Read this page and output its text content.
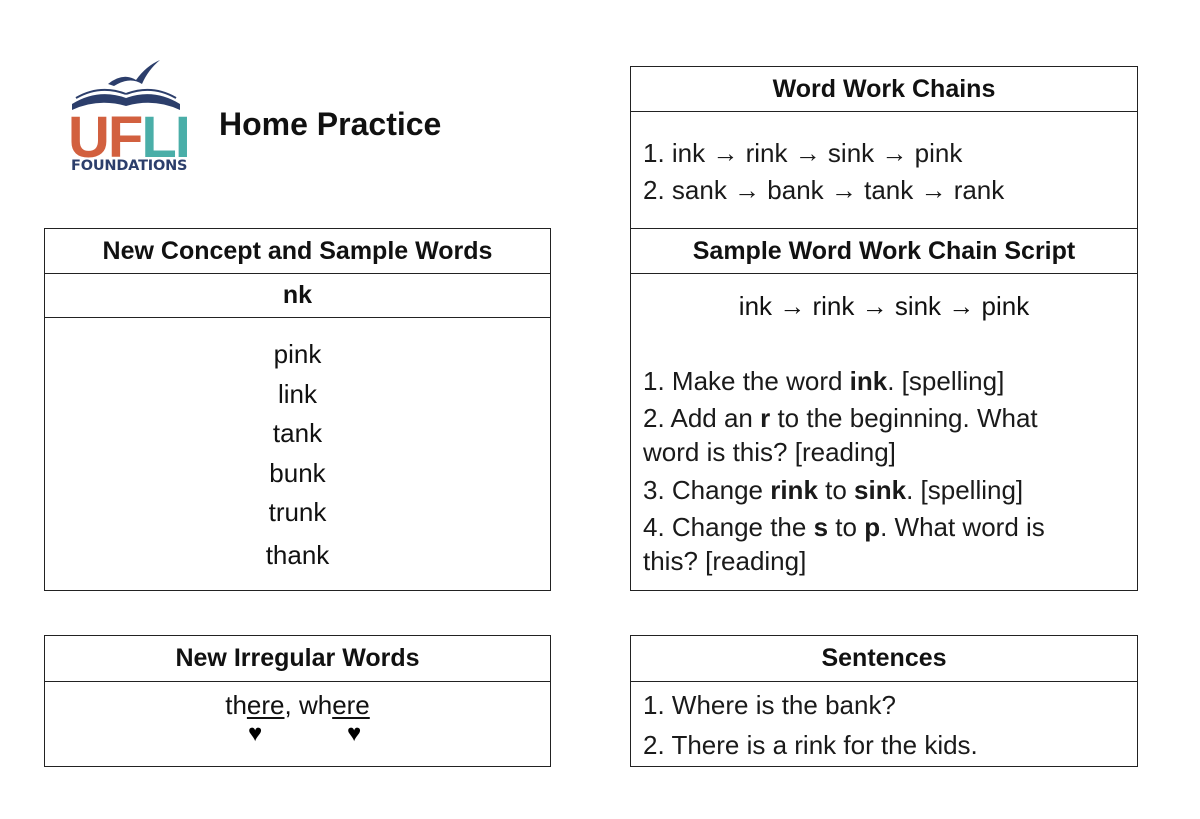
UFLI
FOUNDATIONS
Home Practice
New Concept and Sample Words
nk
pink
link
tank
bunk
trunk
thank
Word Work Chains
1. ink → rink → sink → pink
2. sank → bank → tank → rank
Sample Word Work Chain Script
ink → rink → sink → pink
1. Make the word ink. [spelling]
2. Add an r to the beginning. What
word is this? [reading]
3. Change rink to sink. [spelling]
4. Change the s to p. What word is
this? [reading]
New Irregular Words
there, where
♥	♥
Sentences
1. Where is the bank?
2. There is a rink for the kids.
